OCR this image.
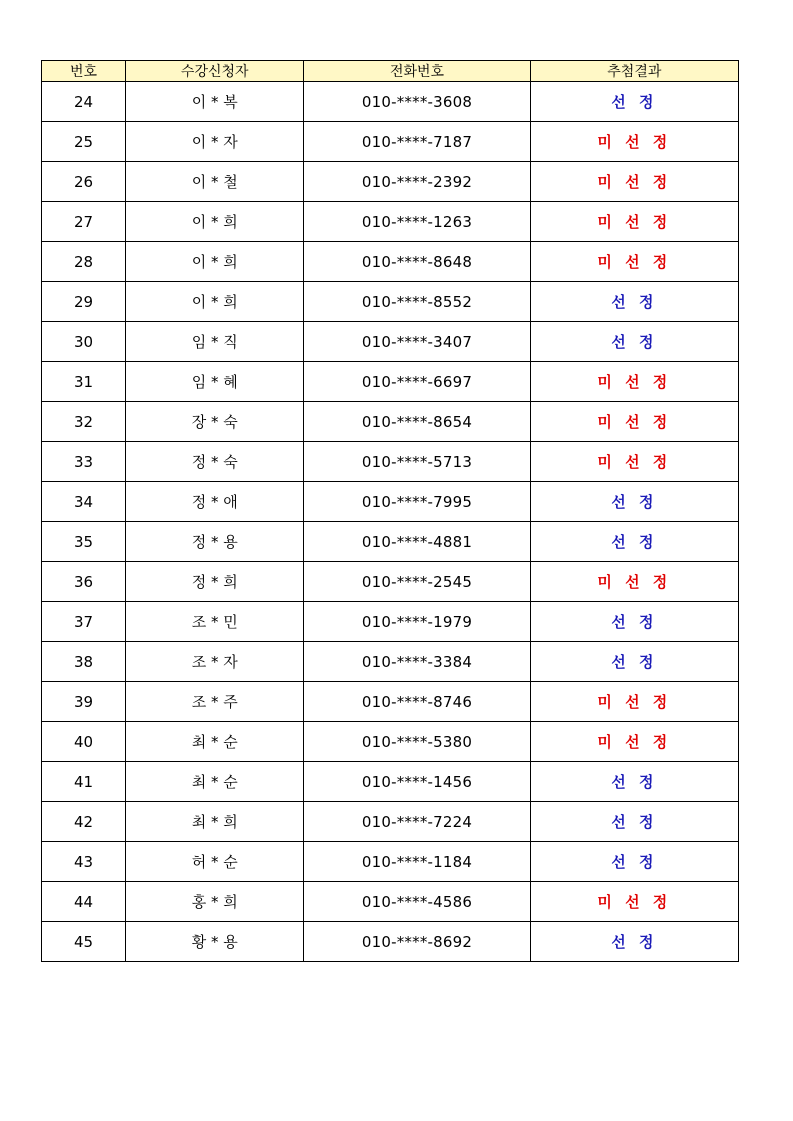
번호	수강신청자	전화번호	추첨결과
24	이 * 복	010-****-3608	선 정
25	이 * 자	010-****-7187	미 선 정
26	이 * 철	010-****-2392	미 선 정
27	이 * 희	010-****-1263	미 선 정
28	이 * 희	010-****-8648	미 선 정
29	이 * 희	010-****-8552	선 정
30	임 * 직	010-****-3407	선 정
31	임 * 혜	010-****-6697	미 선 정
32	장 * 숙	010-****-8654	미 선 정
33	정 * 숙	010-****-5713	미 선 정
34	정 * 애	010-****-7995	선 정
35	정 * 용	010-****-4881	선 정
36	정 * 희	010-****-2545	미 선 정
37	조 * 민	010-****-1979	선 정
38	조 * 자	010-****-3384	선 정
39	조 * 주	010-****-8746	미 선 정
40	최 * 순	010-****-5380	미 선 정
41	최 * 순	010-****-1456	선 정
42	최 * 희	010-****-7224	선 정
43	허 * 순	010-****-1184	선 정
44	홍 * 희	010-****-4586	미 선 정
45	황 * 용	010-****-8692	선 정
